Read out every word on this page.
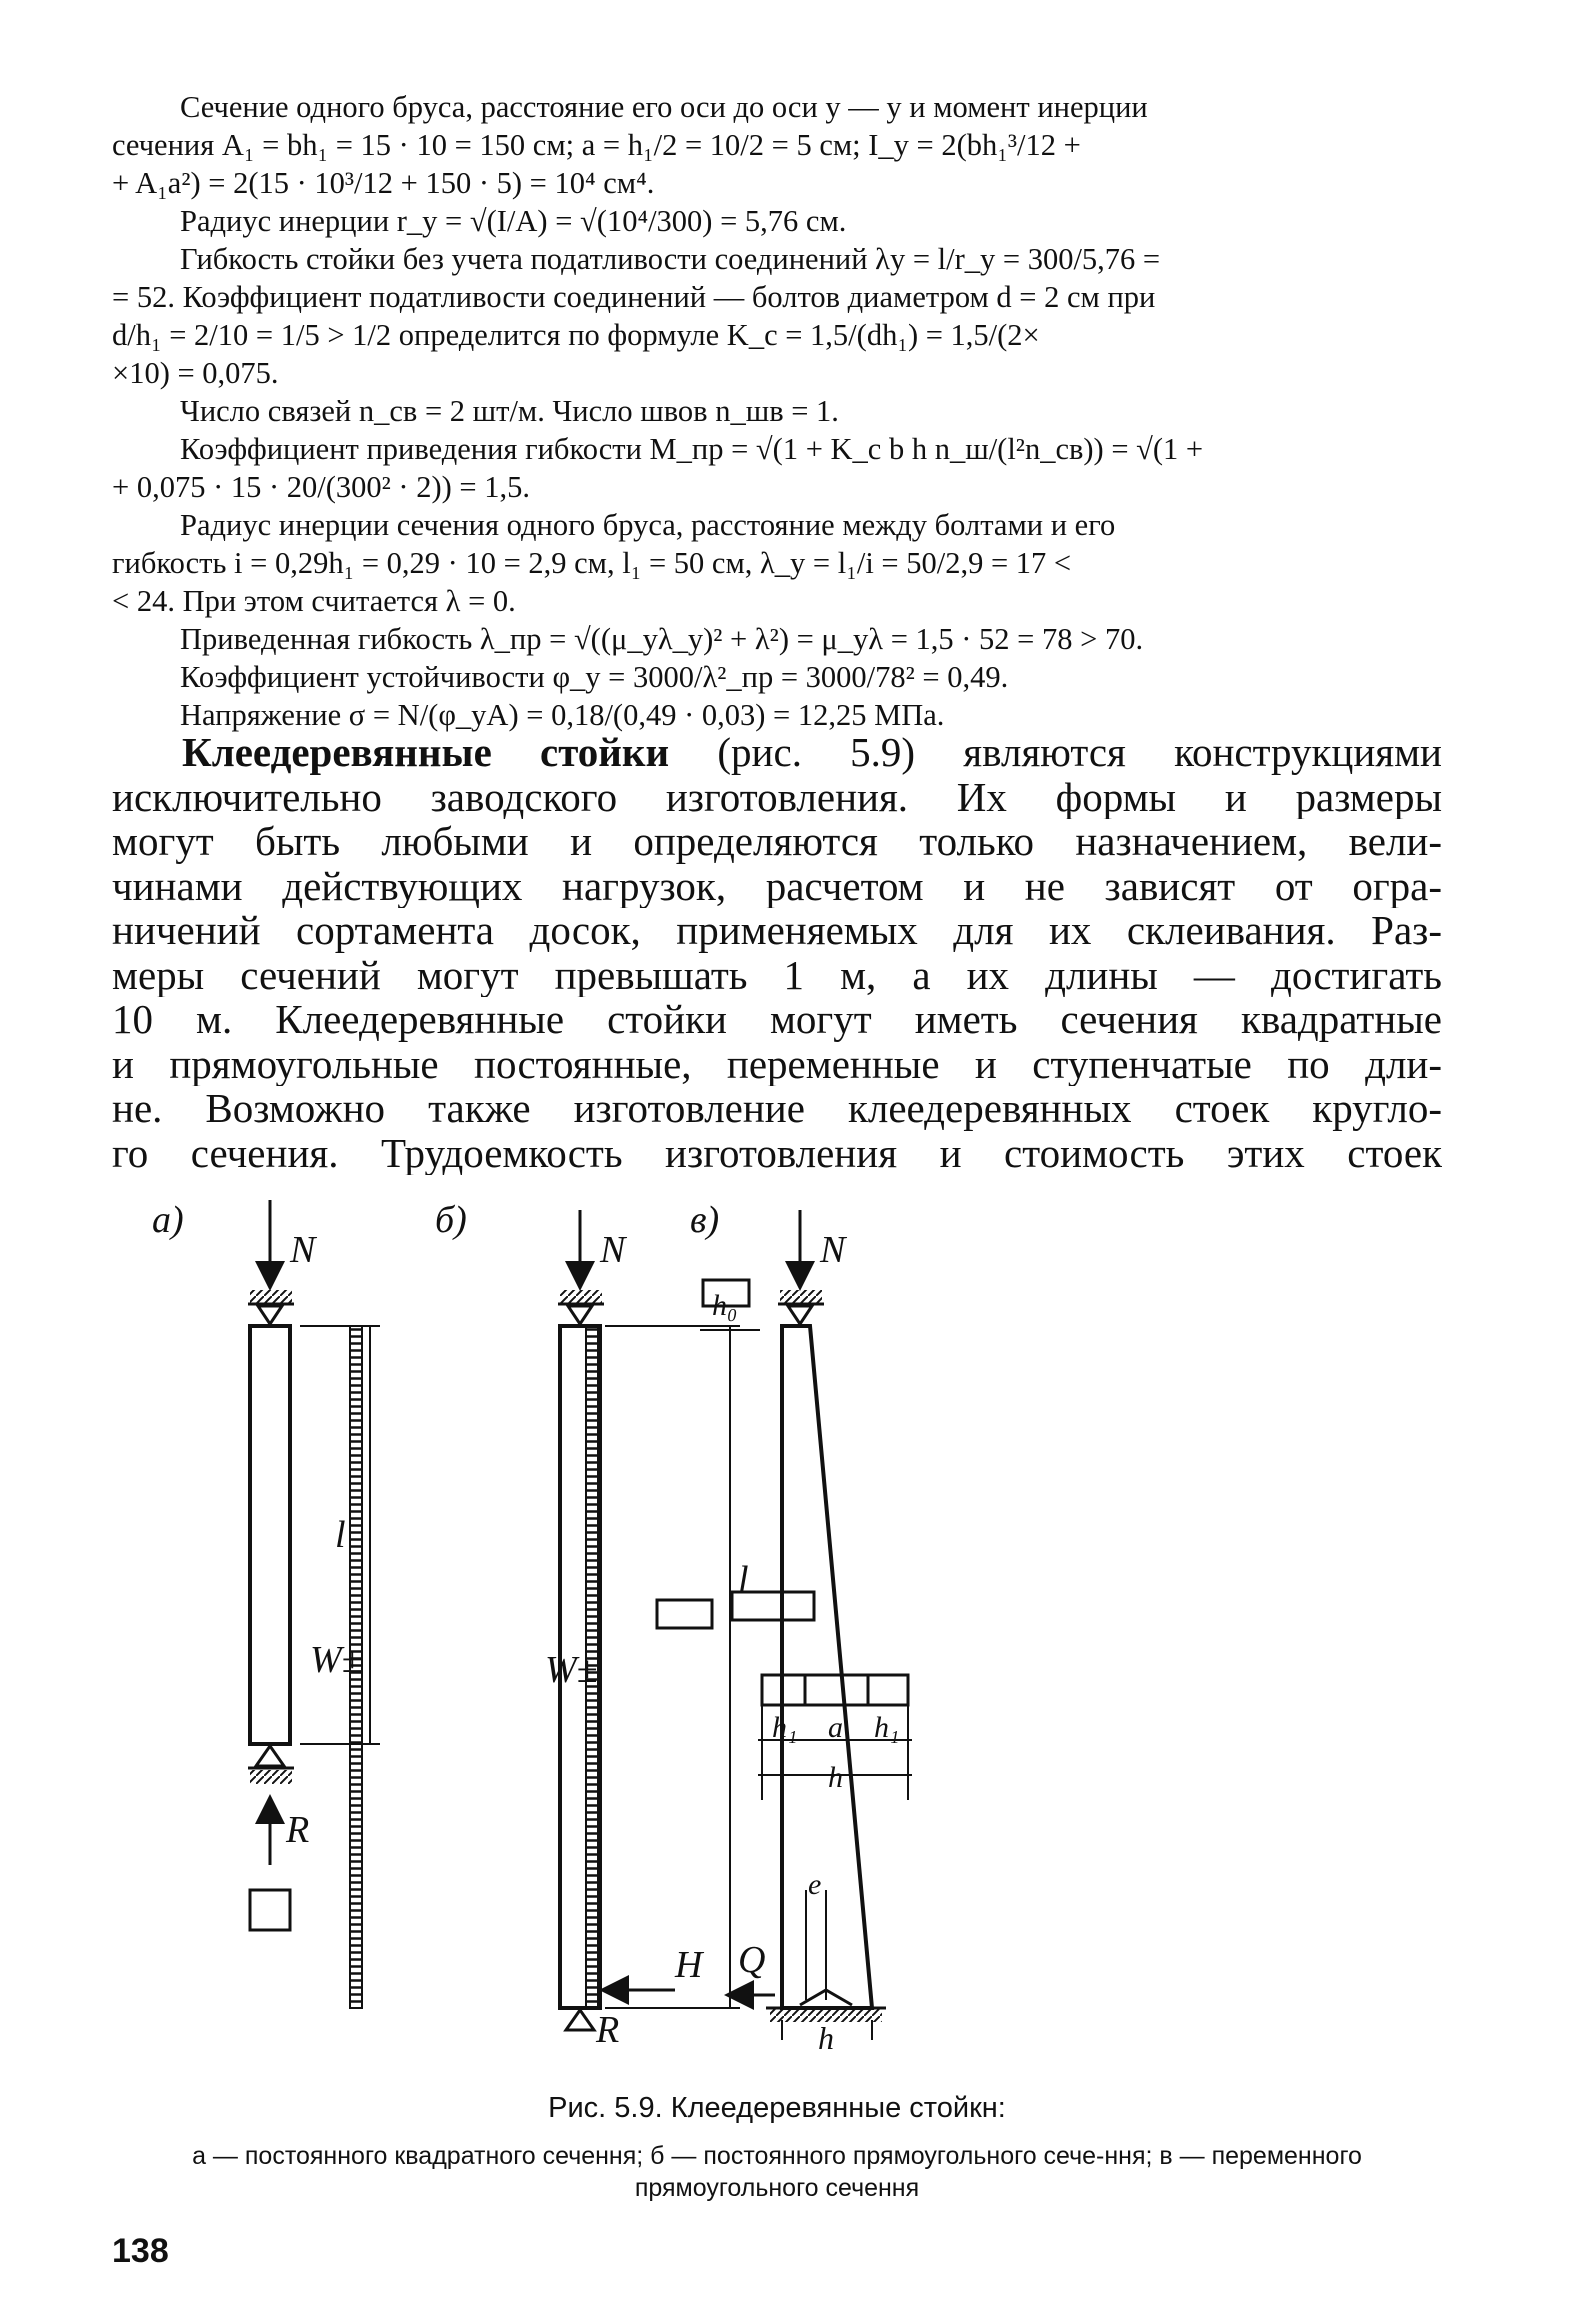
Сечение одного бруса, расстояние его оси до оси y — y и момент инерции
сечения A₁ = bh₁ = 15 · 10 = 150 см; a = h₁/2 = 10/2 = 5 см; I_y = 2(bh₁³/12 +
+ A₁a²) = 2(15 · 10³/12 + 150 · 5) = 10⁴ см⁴.
Радиус инерции r_y = √(I/A) = √(10⁴/300) = 5,76 см.
Гибкость стойки без учета податливости соединений λy = l/r_y = 300/5,76 =
= 52. Коэффициент податливости соединений — болтов диаметром d = 2 см при
d/h₁ = 2/10 = 1/5 > 1/2 определится по формуле K_c = 1,5/(dh₁) = 1,5/(2×
×10) = 0,075.
Число связей n_св = 2 шт/м. Число швов n_шв = 1.
Коэффициент приведения гибкости M_пр = √(1 + K_c b h n_ш/(l²n_св)) = √(1 +
+ 0,075 · 15 · 20/(300² · 2)) = 1,5.
Радиус инерции сечения одного бруса, расстояние между болтами и его
гибкость i = 0,29h₁ = 0,29 · 10 = 2,9 см, l₁ = 50 см, λ_y = l₁/i = 50/2,9 = 17 <
< 24. При этом считается λ = 0.
Приведенная гибкость λ_пр = √((μ_yλ_y)² + λ²) = μ_yλ = 1,5 · 52 = 78 > 70.
Коэффициент устойчивости φ_y = 3000/λ²_пр = 3000/78² = 0,49.
Напряжение σ = N/(φ_yA) = 0,18/(0,49 · 0,03) = 12,25 МПа.
Клеедеревянные стойки (рис. 5.9) являются конструкциями
исключительно заводского изготовления. Их формы и размеры
могут быть любыми и определяются только назначением, вели-
чинами действующих нагрузок, расчетом и не зависят от огра-
ничений сортамента досок, применяемых для их склеивания. Раз-
меры сечений могут превышать 1 м, а их длины — достигать
10 м. Клеедеревянные стойки могут иметь сечения квадратные
и прямоугольные постоянные, переменные и ступенчатые по дли-
не. Возможно также изготовление клеедеревянных стоек кругло-
го сечения. Трудоемкость изготовления и стоимость этих стоек
а)	б)	в)
N	N	N
R
R
l
l
H Q
W±	W±
h₀
e
h
h₁ a h₁
h
Рис. 5.9. Клеедеревянные стойкн:
а — постоянного квадратного сечення; б — постоянного прямоугольного сече-ння; в — переменного прямоугольного сечення
138
